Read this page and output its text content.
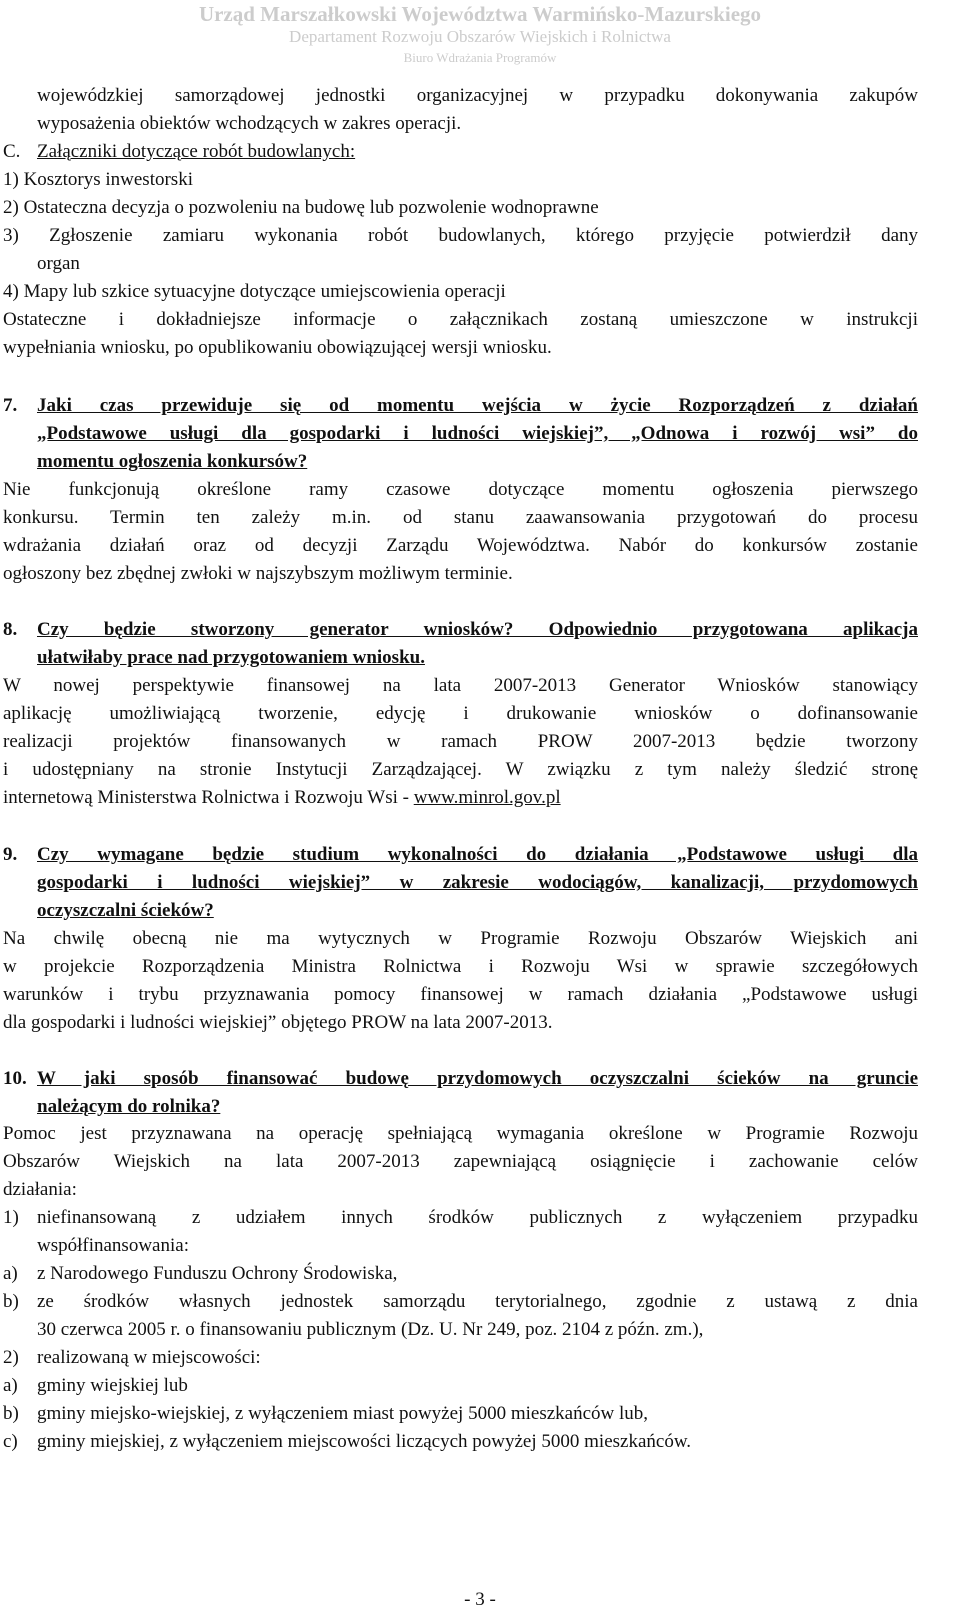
Urząd Marszałkowski Województwa Warmińsko-Mazurskiego
Departament Rozwoju Obszarów Wiejskich i Rolnictwa
Biuro Wdrażania Programów
wojewódzkiej samorządowej jednostki organizacyjnej w przypadku dokonywania zakupów
wyposażenia obiektów wchodzących w zakres operacji.
C. Załączniki dotyczące robót budowlanych:
1) Kosztorys inwestorski
2) Ostateczna decyzja o pozwoleniu na budowę lub pozwolenie wodnoprawne
3) Zgłoszenie zamiaru wykonania robót budowlanych, którego przyjęcie potwierdził dany
organ
4) Mapy lub szkice sytuacyjne dotyczące umiejscowienia operacji
Ostateczne i dokładniejsze informacje o załącznikach zostaną umieszczone w instrukcji
wypełniania wniosku, po opublikowaniu obowiązującej wersji wniosku.
7. Jaki czas przewiduje się od momentu wejścia w życie Rozporządzeń z działań
„Podstawowe usługi dla gospodarki i ludności wiejskiej”, „Odnowa i rozwój wsi” do
momentu ogłoszenia konkursów?
Nie funkcjonują określone ramy czasowe dotyczące momentu ogłoszenia pierwszego
konkursu. Termin ten zależy m.in. od stanu zaawansowania przygotowań do procesu
wdrażania działań oraz od decyzji Zarządu Województwa. Nabór do konkursów zostanie
ogłoszony bez zbędnej zwłoki w najszybszym możliwym terminie.
8. Czy będzie stworzony generator wniosków? Odpowiednio przygotowana aplikacja
ułatwiłaby prace nad przygotowaniem wniosku.
W nowej perspektywie finansowej na lata 2007-2013 Generator Wniosków stanowiący
aplikację umożliwiającą tworzenie, edycję i drukowanie wniosków o dofinansowanie
realizacji projektów finansowanych w ramach PROW 2007-2013 będzie tworzony
i udostępniany na stronie Instytucji Zarządzającej. W związku z tym należy śledzić stronę
internetową Ministerstwa Rolnictwa i Rozwoju Wsi - www.minrol.gov.pl
9. Czy wymagane będzie studium wykonalności do działania „Podstawowe usługi dla
gospodarki i ludności wiejskiej” w zakresie wodociągów, kanalizacji, przydomowych
oczyszczalni ścieków?
Na chwilę obecną nie ma wytycznych w Programie Rozwoju Obszarów Wiejskich ani
w projekcie Rozporządzenia Ministra Rolnictwa i Rozwoju Wsi w sprawie szczegółowych
warunków i trybu przyznawania pomocy finansowej w ramach działania „Podstawowe usługi
dla gospodarki i ludności wiejskiej” objętego PROW na lata 2007-2013.
10. W jaki sposób finansować budowę przydomowych oczyszczalni ścieków na gruncie
należącym do rolnika?
Pomoc jest przyznawana na operację spełniającą wymagania określone w Programie Rozwoju
Obszarów Wiejskich na lata 2007-2013 zapewniającą osiągnięcie i zachowanie celów
działania:
1) niefinansowaną z udziałem innych środków publicznych z wyłączeniem przypadku
współfinansowania:
a) z Narodowego Funduszu Ochrony Środowiska,
b) ze środków własnych jednostek samorządu terytorialnego, zgodnie z ustawą z dnia
30 czerwca 2005 r. o finansowaniu publicznym (Dz. U. Nr 249, poz. 2104 z późn. zm.),
2) realizowaną w miejscowości:
a) gminy wiejskiej lub
b) gminy miejsko-wiejskiej, z wyłączeniem miast powyżej 5000 mieszkańców lub,
c) gminy miejskiej, z wyłączeniem miejscowości liczących powyżej 5000 mieszkańców.
- 3 -
